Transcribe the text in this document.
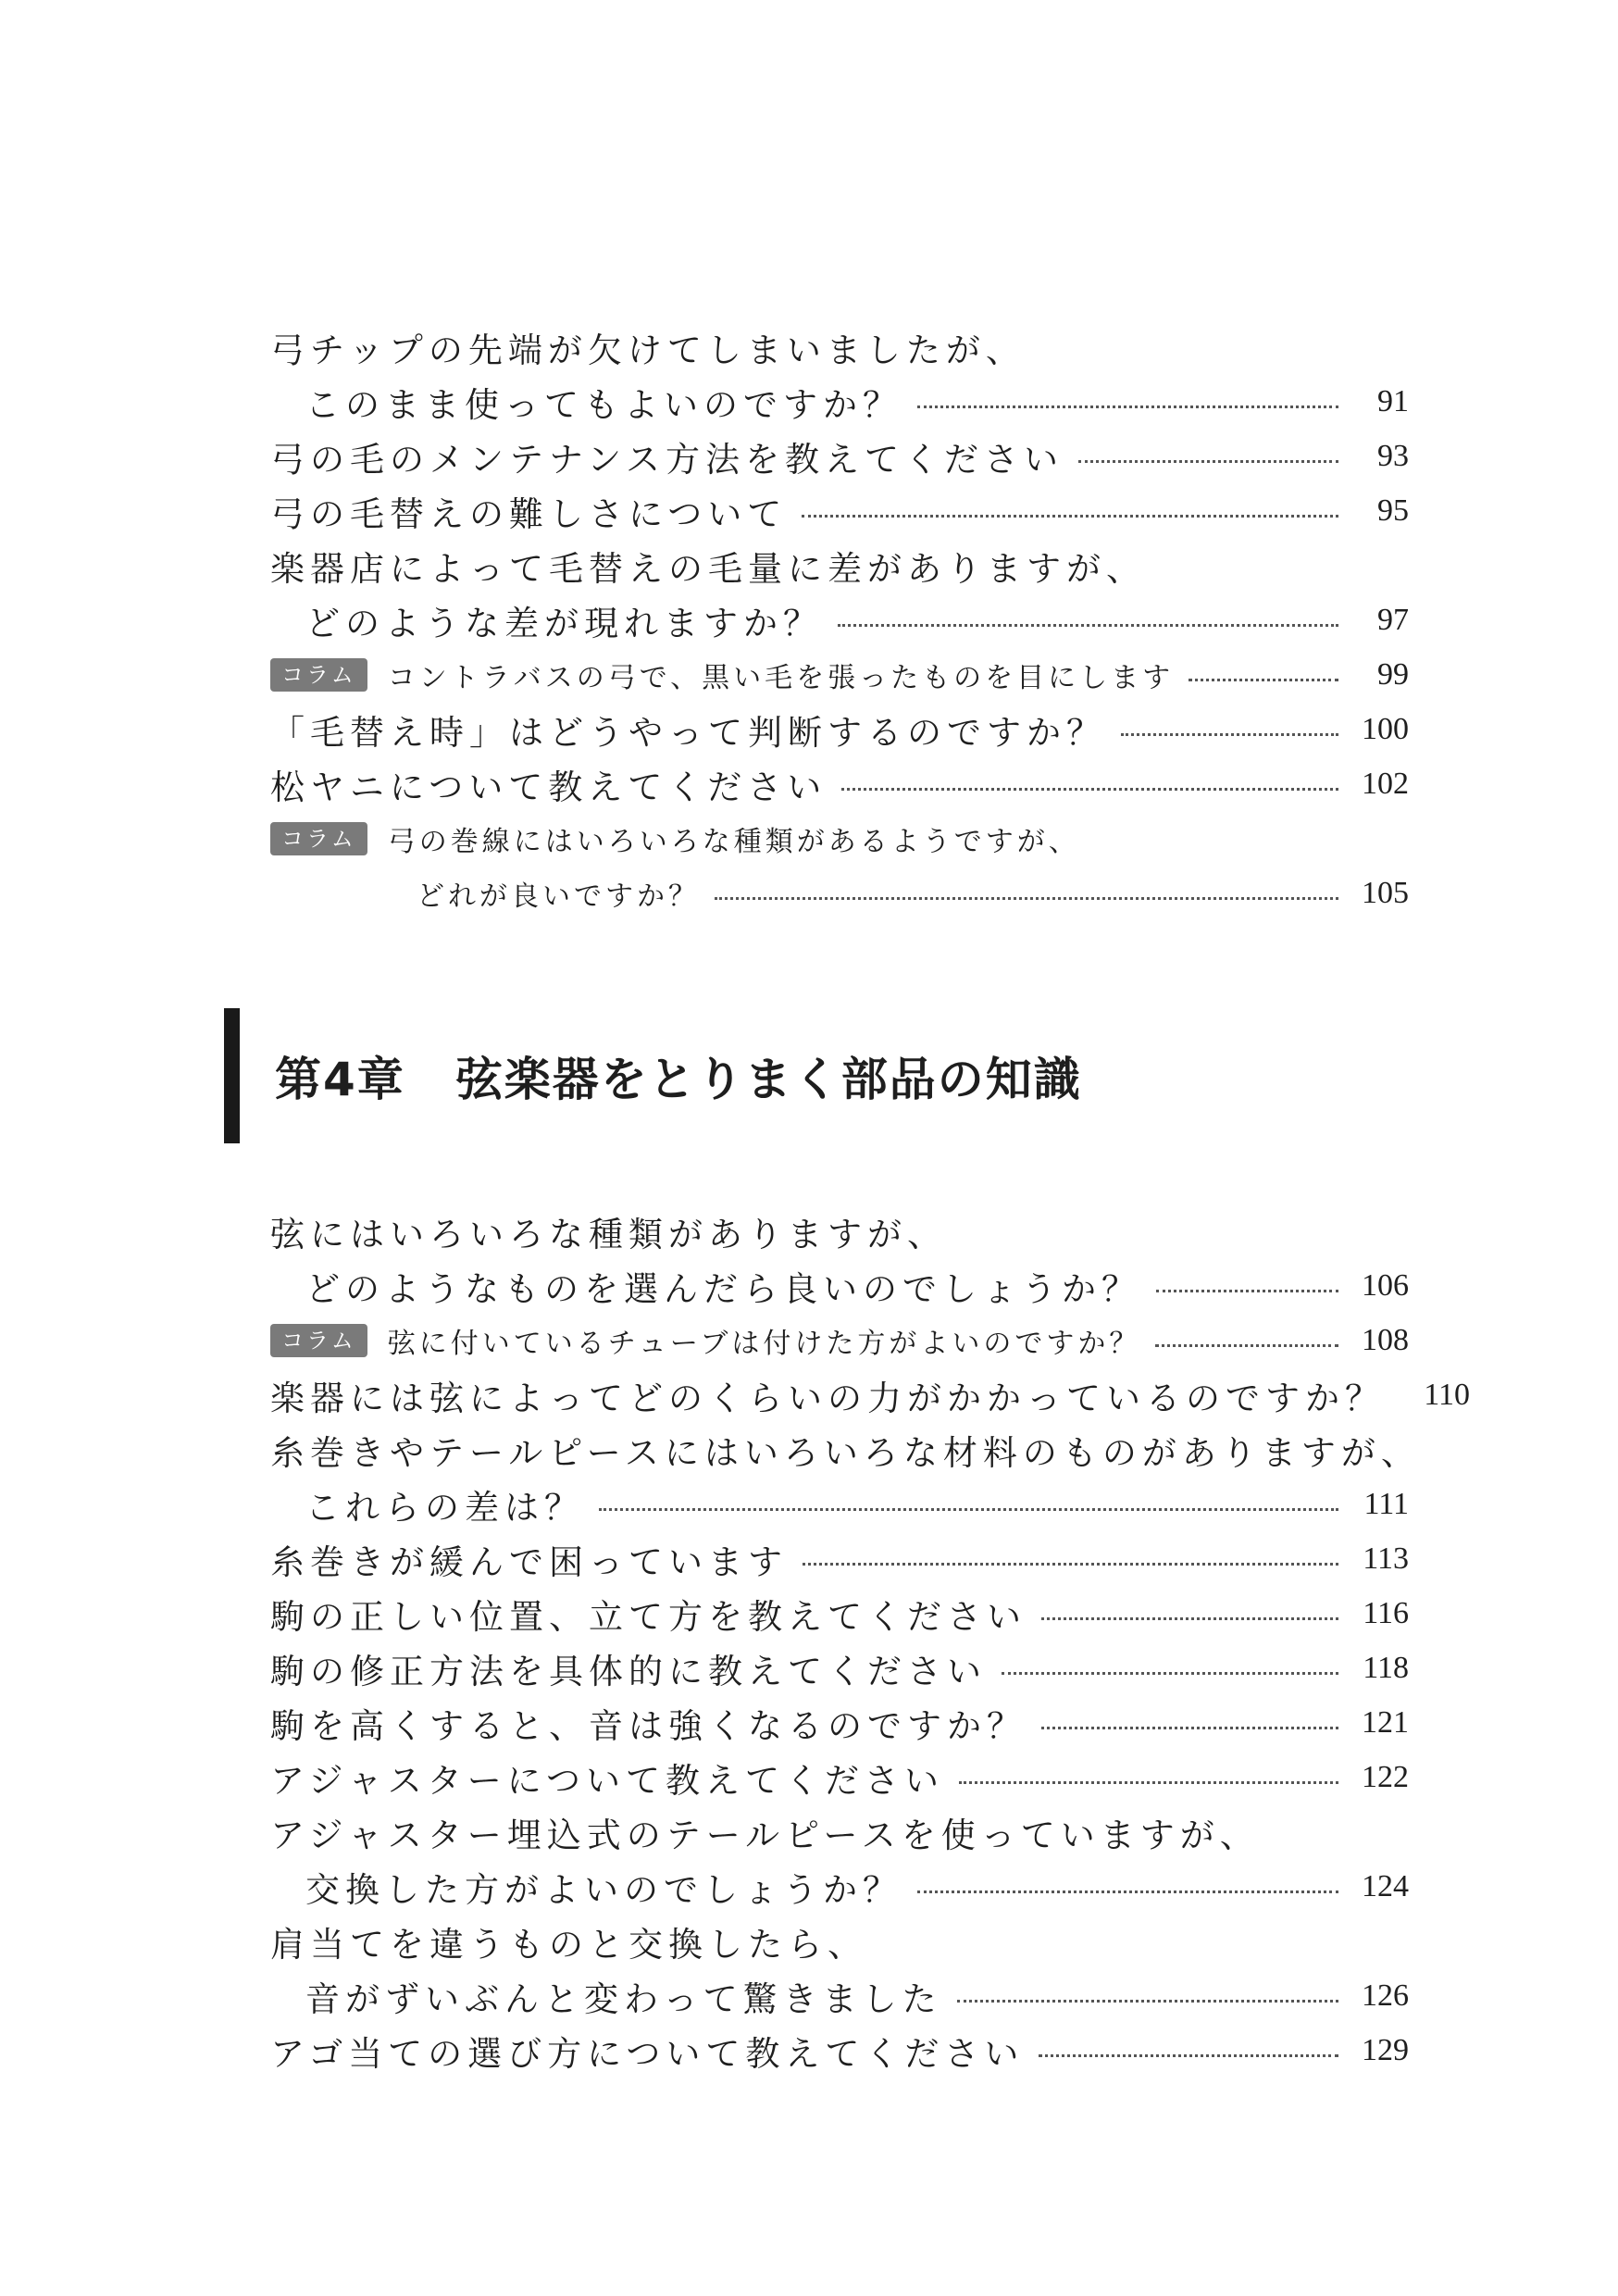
弓チップの先端が欠けてしまいましたが、
このまま使ってもよいのですか？	91
弓の毛のメンテナンス方法を教えてください	93
弓の毛替えの難しさについて	95
楽器店によって毛替えの毛量に差がありますが、
どのような差が現れますか？	97
コラム	コントラバスの弓で、黒い毛を張ったものを目にします	99
「毛替え時」はどうやって判断するのですか？	100
松ヤニについて教えてください	102
コラム	弓の巻線にはいろいろな種類があるようですが、
どれが良いですか？	105
第4章 弦楽器をとりまく部品の知識
弦にはいろいろな種類がありますが、
どのようなものを選んだら良いのでしょうか？	106
コラム	弦に付いているチューブは付けた方がよいのですか？	108
楽器には弦によってどのくらいの力がかかっているのですか？ 110
糸巻きやテールピースにはいろいろな材料のものがありますが、
これらの差は？	111
糸巻きが緩んで困っています	113
駒の正しい位置、立て方を教えてください	116
駒の修正方法を具体的に教えてください	118
駒を高くすると、音は強くなるのですか？	121
アジャスターについて教えてください	122
アジャスター埋込式のテールピースを使っていますが、
交換した方がよいのでしょうか？	124
肩当てを違うものと交換したら、
音がずいぶんと変わって驚きました	126
アゴ当ての選び方について教えてください	129
